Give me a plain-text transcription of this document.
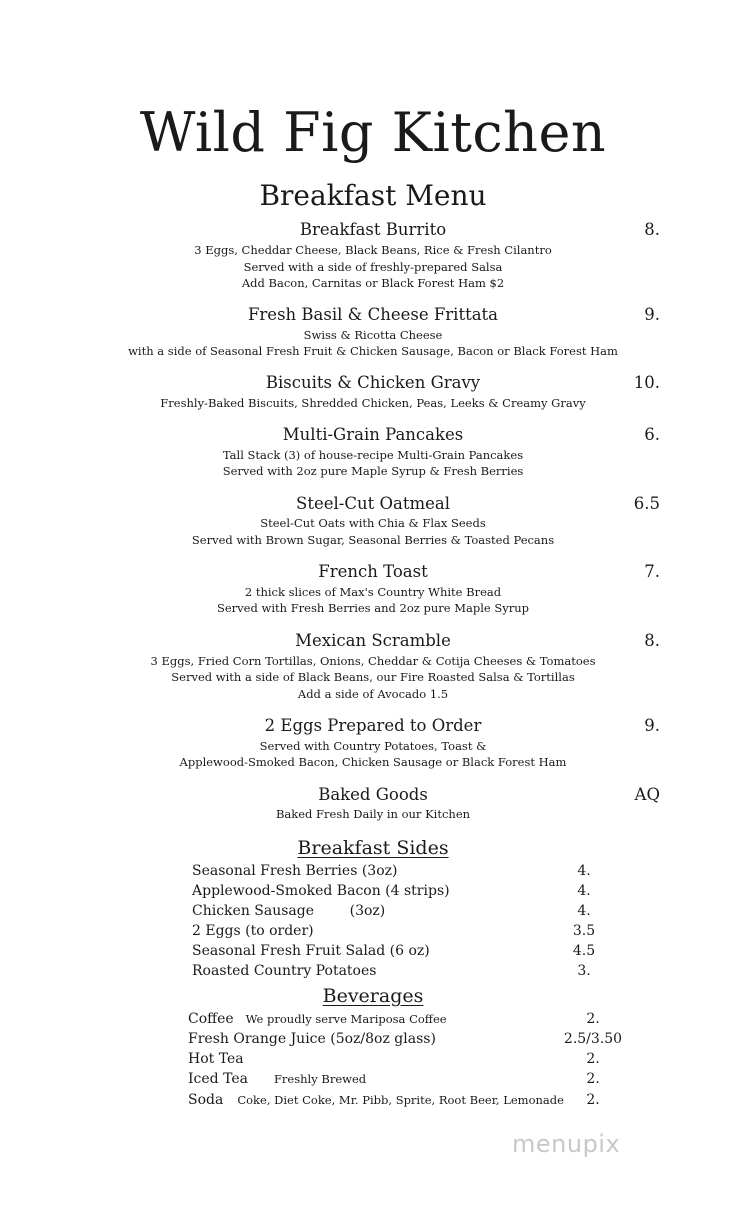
Wild Fig Kitchen
Breakfast Menu
Breakfast Burrito	8.
3 Eggs, Cheddar Cheese, Black Beans, Rice & Fresh Cilantro
Served with a side of freshly-prepared Salsa
Add Bacon, Carnitas or Black Forest Ham $2
Fresh Basil & Cheese Frittata	9.
Swiss & Ricotta Cheese
with a side of Seasonal Fresh Fruit & Chicken Sausage, Bacon or Black Forest Ham
Biscuits & Chicken Gravy	10.
Freshly-Baked Biscuits, Shredded Chicken, Peas, Leeks & Creamy Gravy
Multi-Grain Pancakes	6.
Tall Stack (3) of house-recipe Multi-Grain Pancakes
Served with 2oz pure Maple Syrup & Fresh Berries
Steel-Cut Oatmeal	6.5
Steel-Cut Oats with Chia & Flax Seeds
Served with Brown Sugar, Seasonal Berries & Toasted Pecans
French Toast	7.
2 thick slices of Max's Country White Bread
Served with Fresh Berries and 2oz pure Maple Syrup
Mexican Scramble	8.
3 Eggs, Fried Corn Tortillas, Onions, Cheddar & Cotija Cheeses & Tomatoes
Served with a side of Black Beans, our Fire Roasted Salsa & Tortillas
Add a side of Avocado 1.5
2 Eggs Prepared to Order	9.
Served with Country Potatoes, Toast &
Applewood-Smoked Bacon, Chicken Sausage or Black Forest Ham
Baked Goods	AQ
Baked Fresh Daily in our Kitchen
Breakfast Sides
Seasonal Fresh Berries (3oz)	4.
Applewood-Smoked Bacon (4 strips)	4.
Chicken Sausage        (3oz)	4.
2 Eggs (to order)	3.5
Seasonal Fresh Fruit Salad (6 oz)	4.5
Roasted Country Potatoes	3.
Beverages
Coffee We proudly serve Mariposa Coffee	2.
Fresh Orange Juice (5oz/8oz glass)	2.5/3.50
Hot Tea	2.
Iced Tea Freshly Brewed	2.
Soda Coke, Diet Coke, Mr. Pibb, Sprite, Root Beer, Lemonade	2.
menupix
